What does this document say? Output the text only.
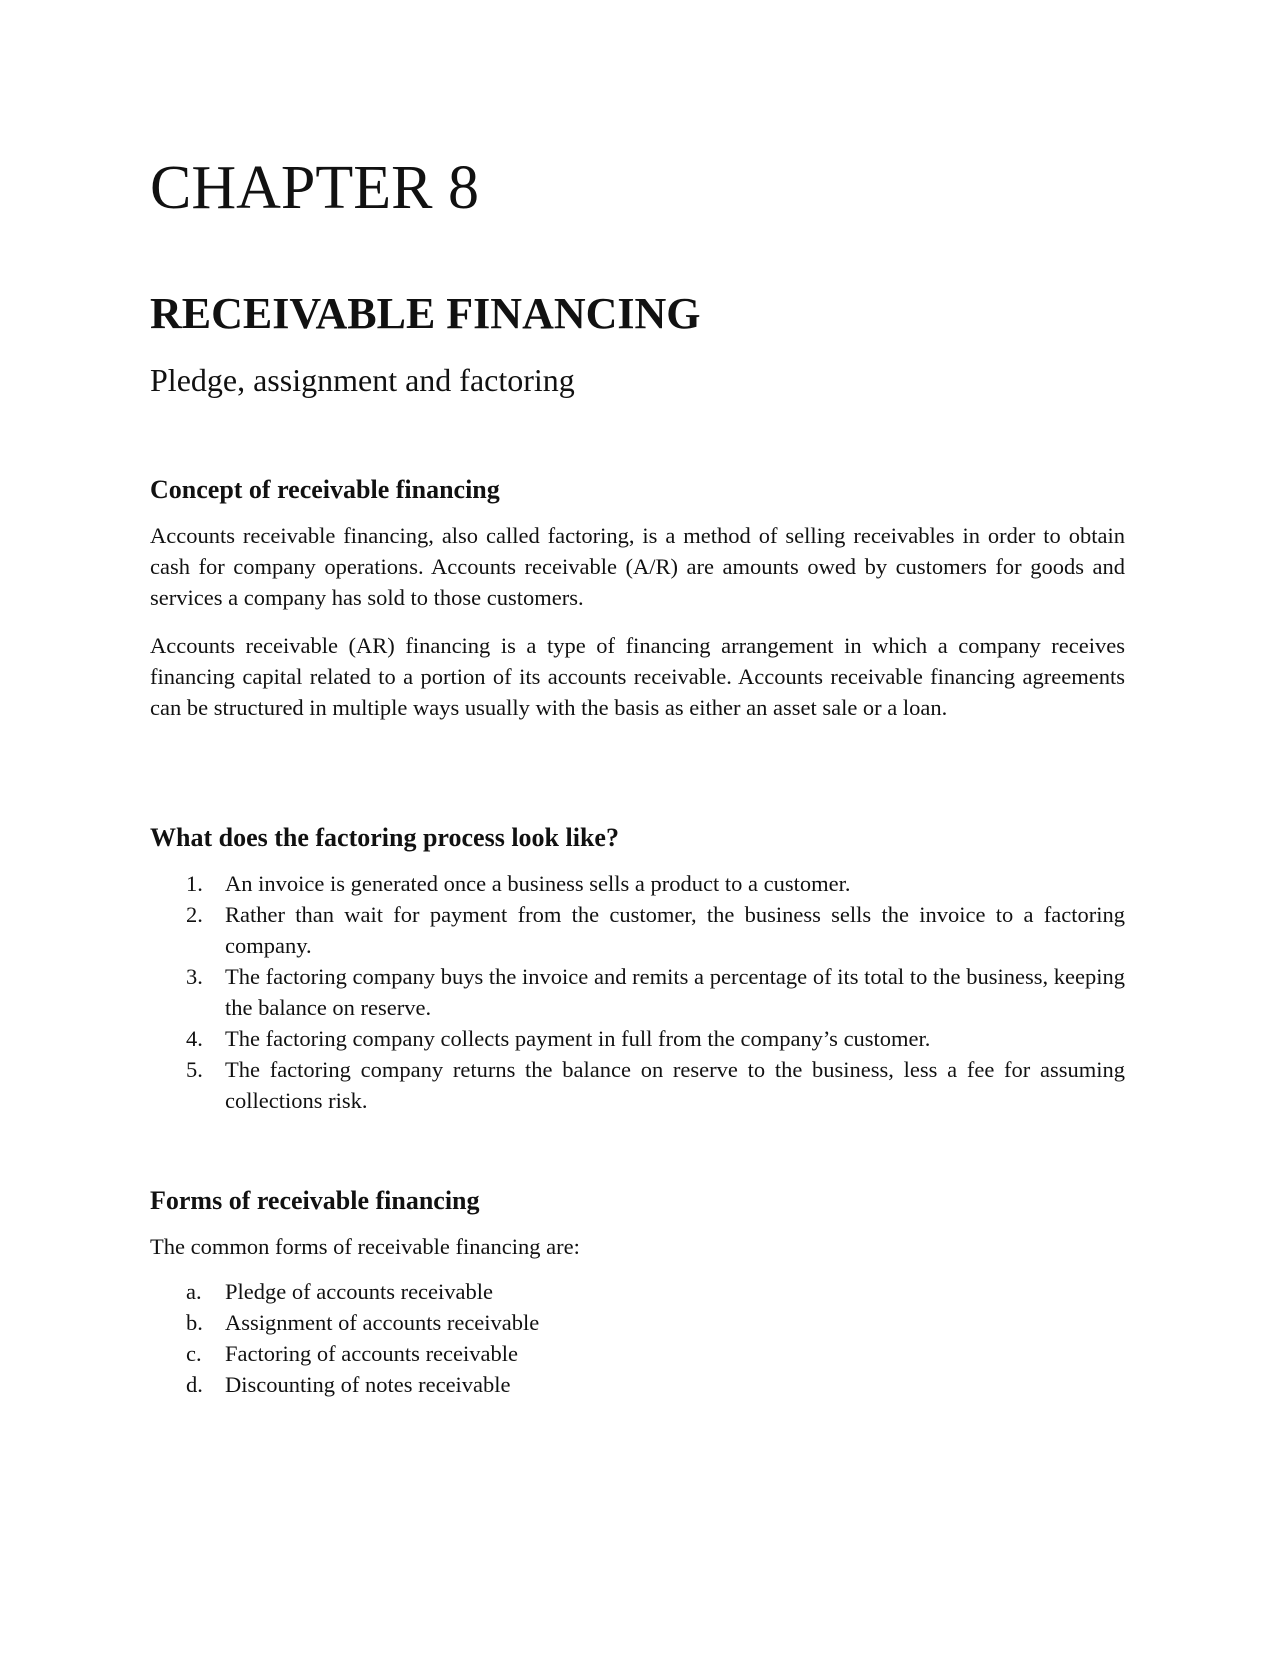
CHAPTER 8
RECEIVABLE FINANCING
Pledge, assignment and factoring
Concept of receivable financing

Accounts receivable financing, also called factoring, is a method of selling receivables in order to obtain cash for company operations. Accounts receivable (A/R) are amounts owed by customers for goods and services a company has sold to those customers.

Accounts receivable (AR) financing is a type of financing arrangement in which a company receives financing capital related to a portion of its accounts receivable. Accounts receivable financing agreements can be structured in multiple ways usually with the basis as either an asset sale or a loan.

What does the factoring process look like?
1. An invoice is generated once a business sells a product to a customer.
2. Rather than wait for payment from the customer, the business sells the invoice to a factoring company.
3. The factoring company buys the invoice and remits a percentage of its total to the business, keeping the balance on reserve.
4. The factoring company collects payment in full from the company’s customer.
5. The factoring company returns the balance on reserve to the business, less a fee for assuming collections risk.
Forms of receivable financing

The common forms of receivable financing are:

a.	Pledge of accounts receivable
b. Assignment of accounts receivable
c.	Factoring of accounts receivable
d. Discounting of notes receivable
